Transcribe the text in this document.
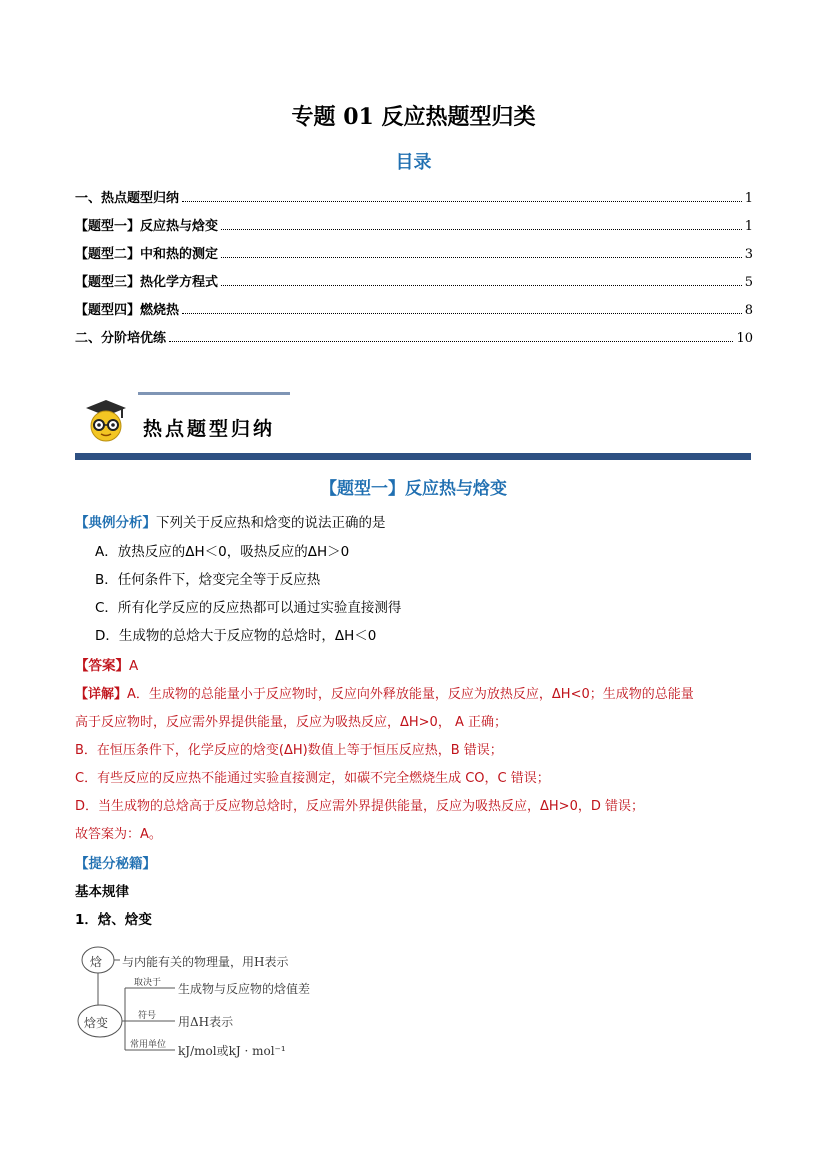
专题 01 反应热题型归类
目录
一、热点题型归纳	1
【题型一】反应热与焓变	1
【题型二】中和热的测定	3
【题型三】热化学方程式	5
【题型四】燃烧热	8
二、分阶培优练	10
热点题型归纳
【题型一】反应热与焓变
【典例分析】下列关于反应热和焓变的说法正确的是
A．放热反应的ΔH＜0，吸热反应的ΔH＞0
B．任何条件下，焓变完全等于反应热
C．所有化学反应的反应热都可以通过实验直接测得
D．生成物的总焓大于反应物的总焓时，ΔH＜0
【答案】A
【详解】A．生成物的总能量小于反应物时，反应向外释放能量，反应为放热反应，ΔH<0；生成物的总能量
高于反应物时，反应需外界提供能量，反应为吸热反应，ΔH>0， A 正确；
B．在恒压条件下，化学反应的焓变(ΔH)数值上等于恒压反应热，B 错误；
C．有些反应的反应热不能通过实验直接测定，如碳不完全燃烧生成 CO，C 错误；
D．当生成物的总焓高于反应物总焓时，反应需外界提供能量，反应为吸热反应，ΔH>0，D 错误；
故答案为：A。
【提分秘籍】
基本规律
1．焓、焓变
焓 与内能有关的物理量，用H表示
焓变
取决于 生成物与反应物的焓值差
符号 用ΔH表示
常用单位 kJ/mol或kJ · mol⁻¹
